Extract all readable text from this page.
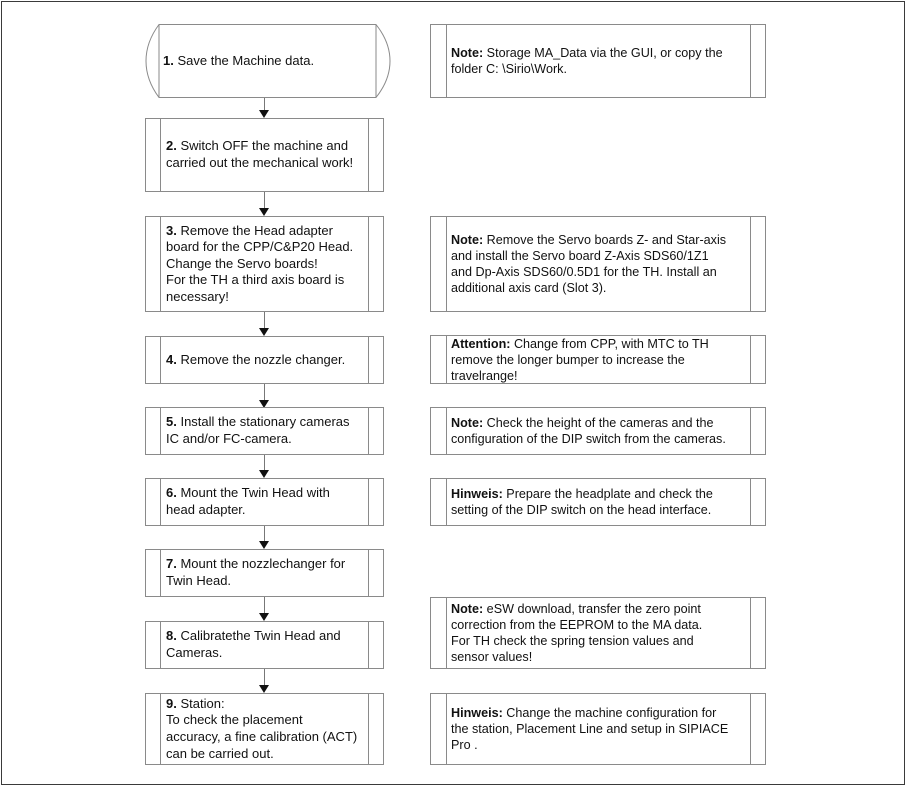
1. Save the Machine data.
2. Switch OFF the machine and
carried out the mechanical work!
3. Remove the Head adapter
board for the CPP/C&P20 Head.
Change the Servo boards!
For the TH a third axis board is
necessary!
4. Remove the nozzle changer.
5. Install the stationary cameras
IC and/or FC-camera.
6. Mount the Twin Head with
head adapter.
7. Mount the nozzlechanger for
Twin Head.
8. Calibratethe Twin Head and
Cameras.
9. Station:
To check the placement
accuracy, a fine calibration (ACT)
can be carried out.
Note: Storage MA_Data via the GUI, or copy the
folder C: \Sirio\Work.
Note: Remove the Servo boards Z- and Star-axis
and install the Servo board Z-Axis SDS60/1Z1
and Dp-Axis SDS60/0.5D1 for the TH. Install an
additional axis card (Slot 3).
Attention: Change from CPP, with MTC to TH
remove the longer bumper to increase the
travelrange!
Note: Check the height of the cameras and the
configuration of the DIP switch from the cameras.
Hinweis: Prepare the headplate and check the
setting of the DIP switch on the head interface.
Note: eSW download, transfer the zero point
correction from the EEPROM to the MA data.
For TH check the spring tension values and
sensor values!
Hinweis: Change the machine configuration for
the station, Placement Line and setup in SIPIACE
Pro .
